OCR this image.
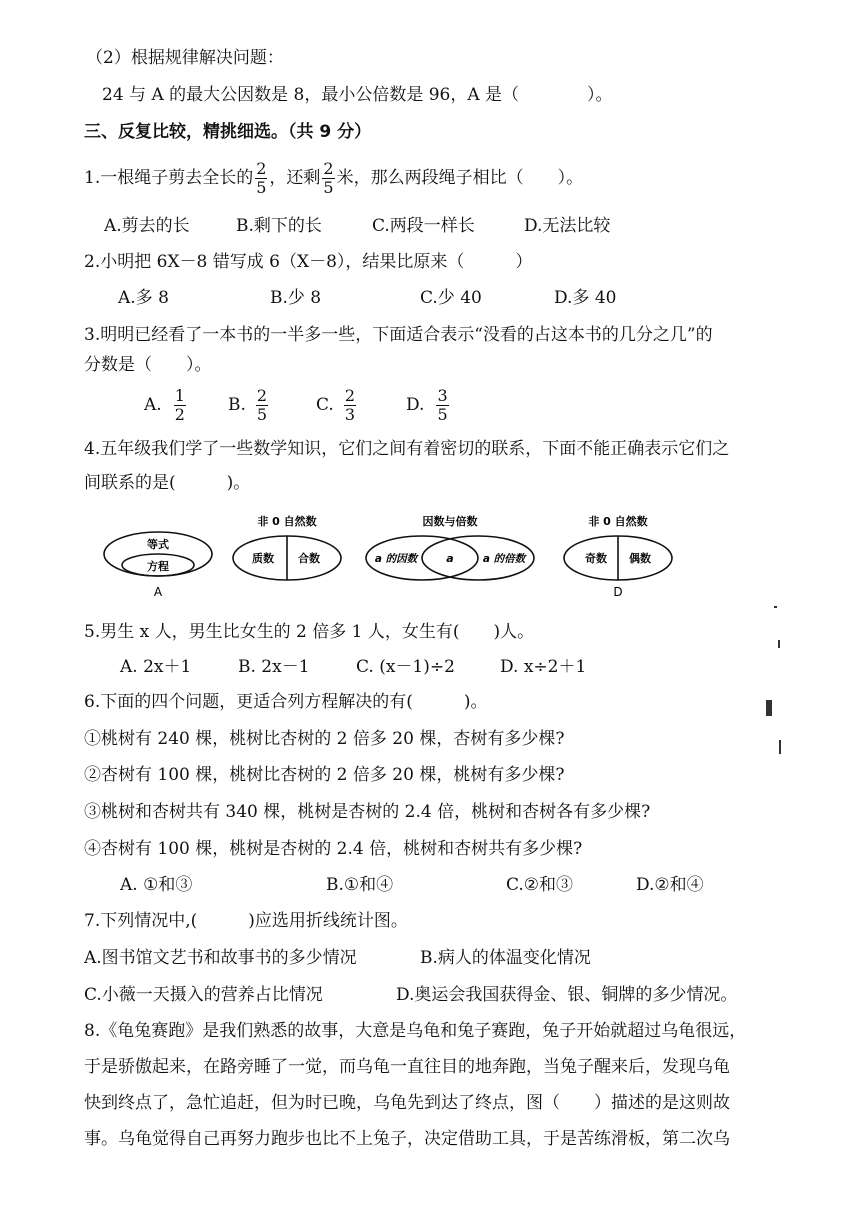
（2）根据规律解决问题：
24 与 A 的最大公因数是 8，最小公倍数是 96，A 是（　　　　）。
三、反复比较，精挑细选。（共 9 分）
1.一根绳子剪去全长的 $\frac{2}{5}$ ，还剩 $\frac{2}{5}$ 米，那么两段绳子相比（　　）。
A.剪去的长	B.剩下的长	C.两段一样长	D.无法比较
2.小明把 6X－8 错写成 6（X－8），结果比原来（　　　）
A.多 8	B.少 8	C.少 40	D.多 40
3.明明已经看了一本书的一半多一些，下面适合表示“没看的占这本书的几分之几”的
分数是（　　）。
A. $\frac{1}{2} B$. $\frac{2}{5}$	C. $\frac{2}{3}$	D. $\frac{3}{5}$
4.五年级我们学了一些数学知识，它们之间有着密切的联系，下面不能正确表示它们之
间联系的是(　　　)。
等式
方程
A
非 0 自然数
质数 合数
因数与倍数
a 的因数	a	a 的倍数
非 0 自然数
奇数 偶数
D
5.男生 x 人，男生比女生的 2 倍多 1 人，女生有(　　)人。
A. 2x＋1	B. 2x－1	C. (x－1)÷2	D. x÷2＋1
6.下面的四个问题，更适合列方程解决的有(　　　)。
①桃树有 240 棵，桃树比杏树的 2 倍多 20 棵，杏树有多少棵?
②杏树有 100 棵，桃树比杏树的 2 倍多 20 棵，桃树有多少棵?
③桃树和杏树共有 340 棵，桃树是杏树的 2.4 倍，桃树和杏树各有多少棵?
④杏树有 100 棵，桃树是杏树的 2.4 倍，桃树和杏树共有多少棵?
A. ①和③	B.①和④	C.②和③	D.②和④
7.下列情况中,(　　　)应选用折线统计图。
A.图书馆文艺书和故事书的多少情况	B.病人的体温变化情况
C.小薇一天摄入的营养占比情况	D.奥运会我国获得金、银、铜牌的多少情况。
8.《龟兔赛跑》是我们熟悉的故事，大意是乌龟和兔子赛跑，兔子开始就超过乌龟很远，
于是骄傲起来，在路旁睡了一觉，而乌龟一直往目的地奔跑，当兔子醒来后，发现乌龟
快到终点了，急忙追赶，但为时已晚，乌龟先到达了终点，图（　　）描述的是这则故
事。乌龟觉得自己再努力跑步也比不上兔子，决定借助工具，于是苦练滑板，第二次乌
